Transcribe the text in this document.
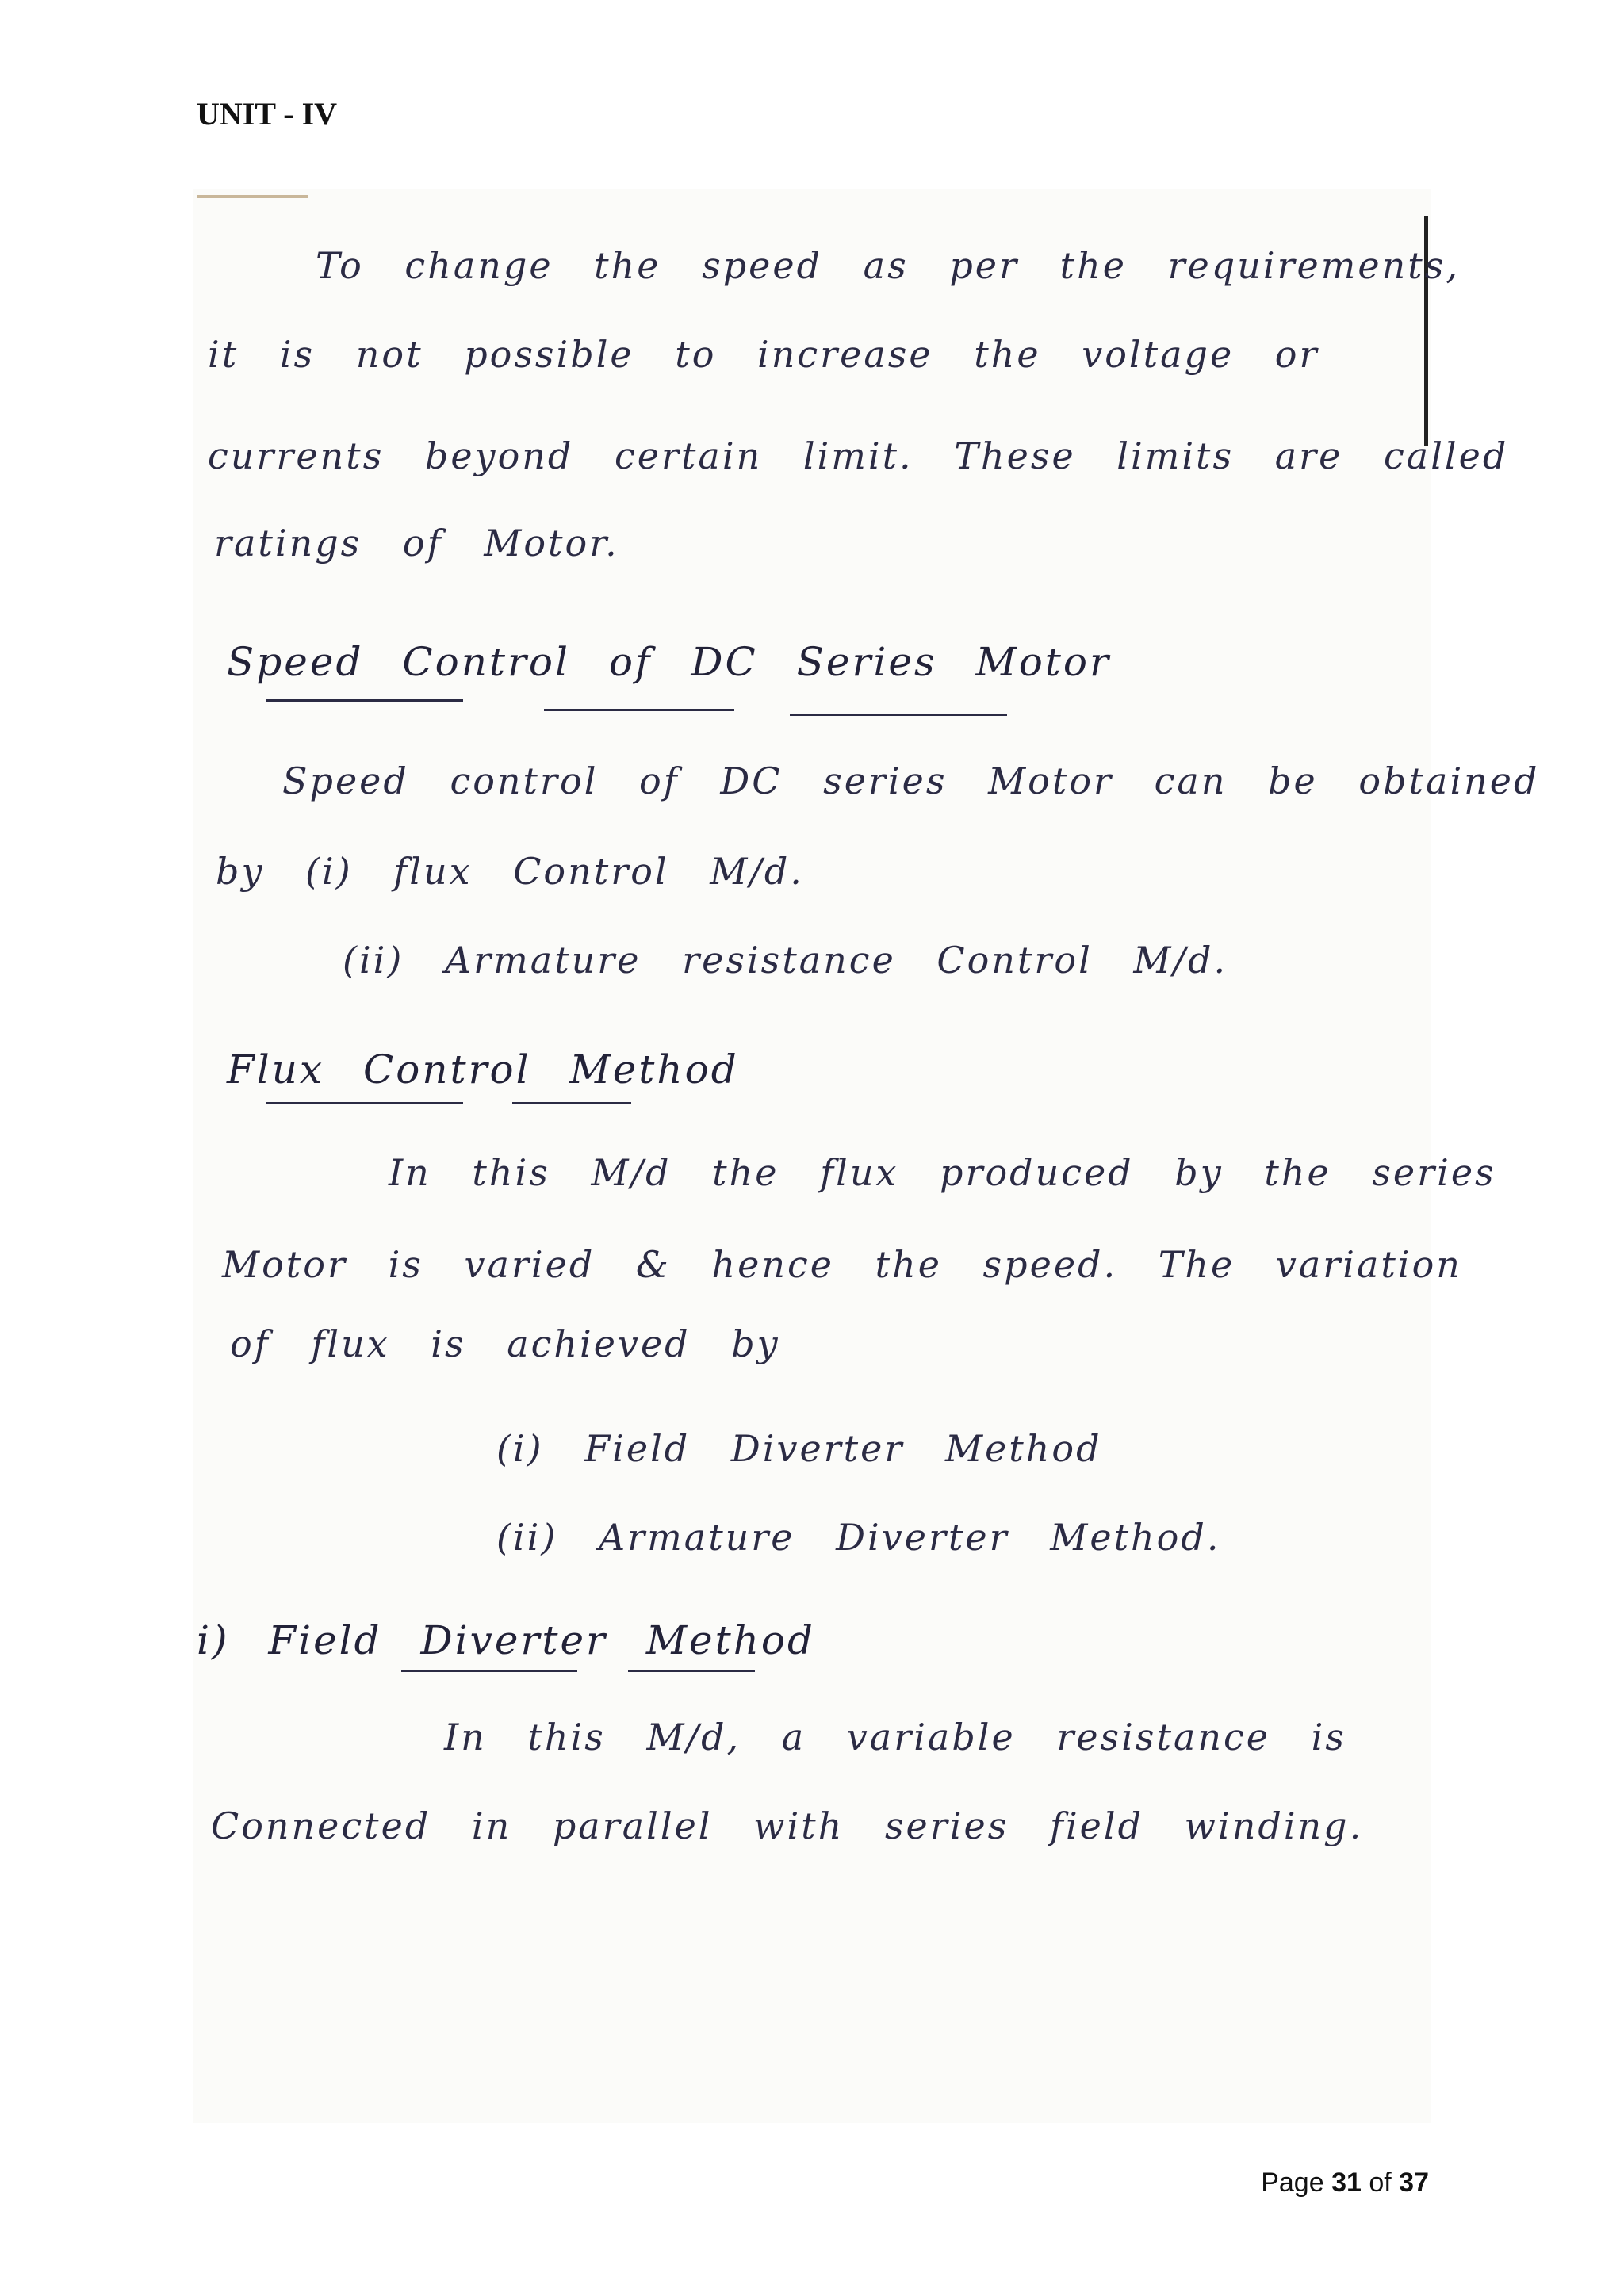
UNIT - IV
To change the speed as per the requirements,
it is not possible to increase the voltage or
currents beyond certain limit. These limits are called
ratings of Motor.
Speed Control of DC Series Motor
Speed control of DC series Motor can be obtained
by (i) flux Control M/d.
(ii) Armature resistance Control M/d.
Flux Control Method
In this M/d the flux produced by the series
Motor is varied & hence the speed. The variation
of flux is achieved by
(i) Field Diverter Method
(ii) Armature Diverter Method.
i) Field Diverter Method
In this M/d, a variable resistance is
Connected in parallel with series field winding.
Page 31 of 37
